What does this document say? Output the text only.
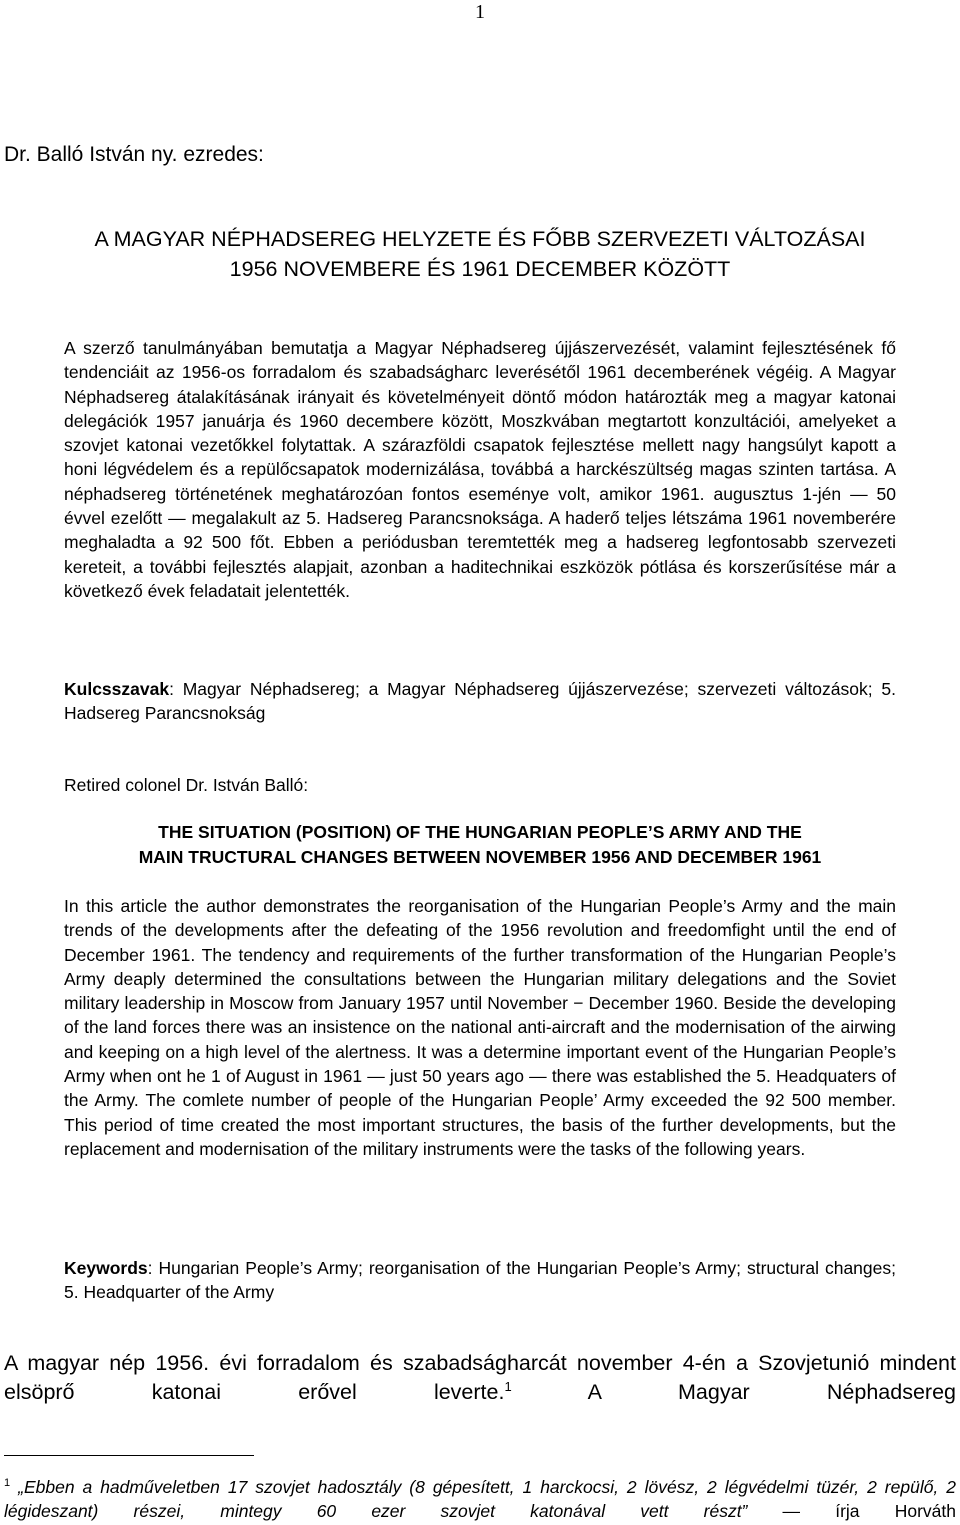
1
Dr. Balló István ny. ezredes:
A MAGYAR NÉPHADSEREG HELYZETE ÉS FŐBB SZERVEZETI VÁLTOZÁSAI
1956 NOVEMBERE ÉS 1961 DECEMBER KÖZÖTT

A szerző tanulmányában bemutatja a Magyar Néphadsereg újjászervezését, valamint fejlesztésének fő tendenciáit az 1956-os forradalom és szabadságharc leverésétől 1961 decemberének végéig. A Magyar Néphadsereg átalakításának irányait és követelményeit döntő módon határozták meg a magyar katonai delegációk 1957 januárja és 1960 decembere között, Moszkvában megtartott konzultációi, amelyeket a szovjet katonai vezetőkkel folytattak. A szárazföldi csapatok fejlesztése mellett nagy hangsúlyt kapott a honi légvédelem és a repülőcsapatok modernizálása, továbbá a harckészültség magas szinten tartása. A néphadsereg történetének meghatározóan fontos eseménye volt, amikor 1961. augusztus 1-jén ― 50 évvel ezelőtt ― megalakult az 5. Hadsereg Parancsnoksága. A haderő teljes létszáma 1961 novemberére meghaladta a 92 500 főt. Ebben a periódusban teremtették meg a hadsereg legfontosabb szervezeti kereteit, a további fejlesztés alapjait, azonban a haditechnikai eszközök pótlása és korszerűsítése már a következő évek feladatait jelentették.

Kulcsszavak: Magyar Néphadsereg; a Magyar Néphadsereg újjászervezése; szervezeti változások; 5. Hadsereg Parancsnokság

Retired colonel Dr. István Balló:
THE SITUATION (POSITION) OF THE HUNGARIAN PEOPLE’S ARMY AND THE
MAIN TRUCTURAL CHANGES BETWEEN NOVEMBER 1956 AND DECEMBER 1961

In this article the author demonstrates the reorganisation of the Hungarian People’s Army and the main trends of the developments after the defeating of the 1956 revolution and freedomfight until the end of December 1961. The tendency and requirements of the further transformation of the Hungarian People’s Army deaply determined the consultations between the Hungarian military delegations and the Soviet military leadership in Moscow from January 1957 until November − December 1960. Beside the developing of the land forces there was an insistence on the national anti-aircraft and the modernisation of the airwing and keeping on a high level of the alertness. It was a determine important event of the Hungarian People’s Army when ont he 1 of August in 1961 ― just 50 years ago ― there was established the 5. Headquaters of the Army. The comlete number of people of the Hungarian People’ Army exceeded the 92 500 member. This period of time created the most important structures, the basis of the further developments, but the replacement and modernisation of the military instruments were the tasks of the following years.

Keywords: Hungarian People’s Army; reorganisation of the Hungarian People’s Army; structural changes; 5. Headquarter of the Army

A magyar nép 1956. évi forradalom és szabadságharcát november 4-én a Szovjetunió mindent elsöprő katonai erővel leverte.$^1$ A Magyar Néphadsereg
$^1$ „Ebben a hadműveletben 17 szovjet hadosztály (8 gépesített, 1 harckocsi, 2 lövész, 2 légvédelmi tüzér, 2 repülő, 2 légideszant) részei, mintegy 60 ezer szovjet katonával vett részt” ― írja Horváth
